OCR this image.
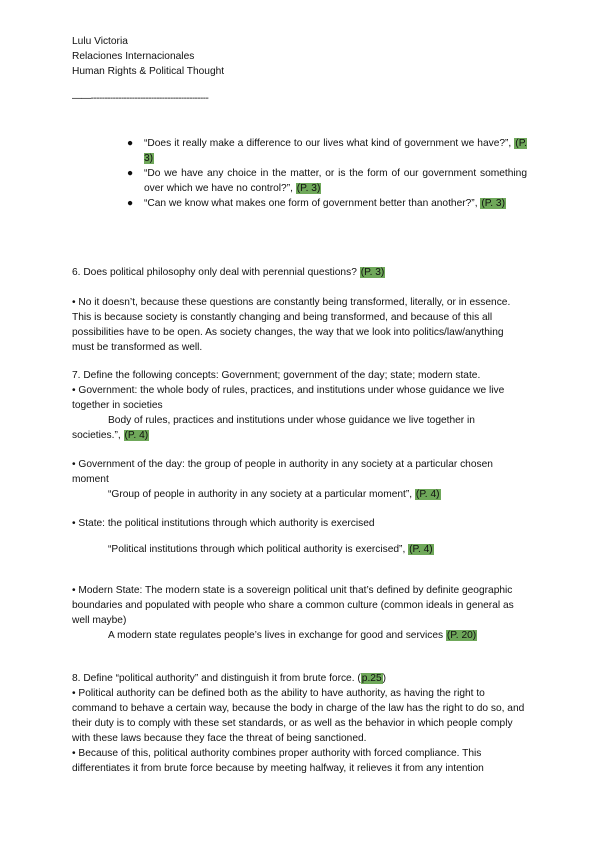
Lulu Victoria
Relaciones Internacionales
Human Rights & Political Thought
——-------------------------------------------
● “Does it really make a difference to our lives what kind of government we have?”, (P. 3)
● “Do we have any choice in the matter, or is the form of our government something over which we have no control?”, (P. 3)
● “Can we know what makes one form of government better than another?”, (P. 3)
6. Does political philosophy only deal with perennial questions? (P. 3)
• No it doesn’t, because these questions are constantly being transformed, literally, or in essence. This is because society is constantly changing and being transformed, and because of this all possibilities have to be open. As society changes, the way that we look into politics/law/anything must be transformed as well.
7. Define the following concepts: Government; government of the day; state; modern state.
• Government: the whole body of rules, practices, and institutions under whose guidance we live together in societies
Body of rules, practices and institutions under whose guidance we live together in societies.”, (P. 4)
• Government of the day: the group of people in authority in any society at a particular chosen moment
“Group of people in authority in any society at a particular moment”, (P. 4)
• State: the political institutions through which authority is exercised
“Political institutions through which political authority is exercised”, (P. 4)
• Modern State: The modern state is a sovereign political unit that’s defined by definite geographic boundaries and populated with people who share a common culture (common ideals in general as well maybe)
A modern state regulates people’s lives in exchange for good and services (P. 20)
8. Define “political authority” and distinguish it from brute force. (p.25)
• Political authority can be defined both as the ability to have authority, as having the right to command to behave a certain way, because the body in charge of the law has the right to do so, and their duty is to comply with these set standards, or as well as the behavior in which people comply with these laws because they face the threat of being sanctioned.
• Because of this, political authority combines proper authority with forced compliance. This differentiates it from brute force because by meeting halfway, it relieves it from any intention
